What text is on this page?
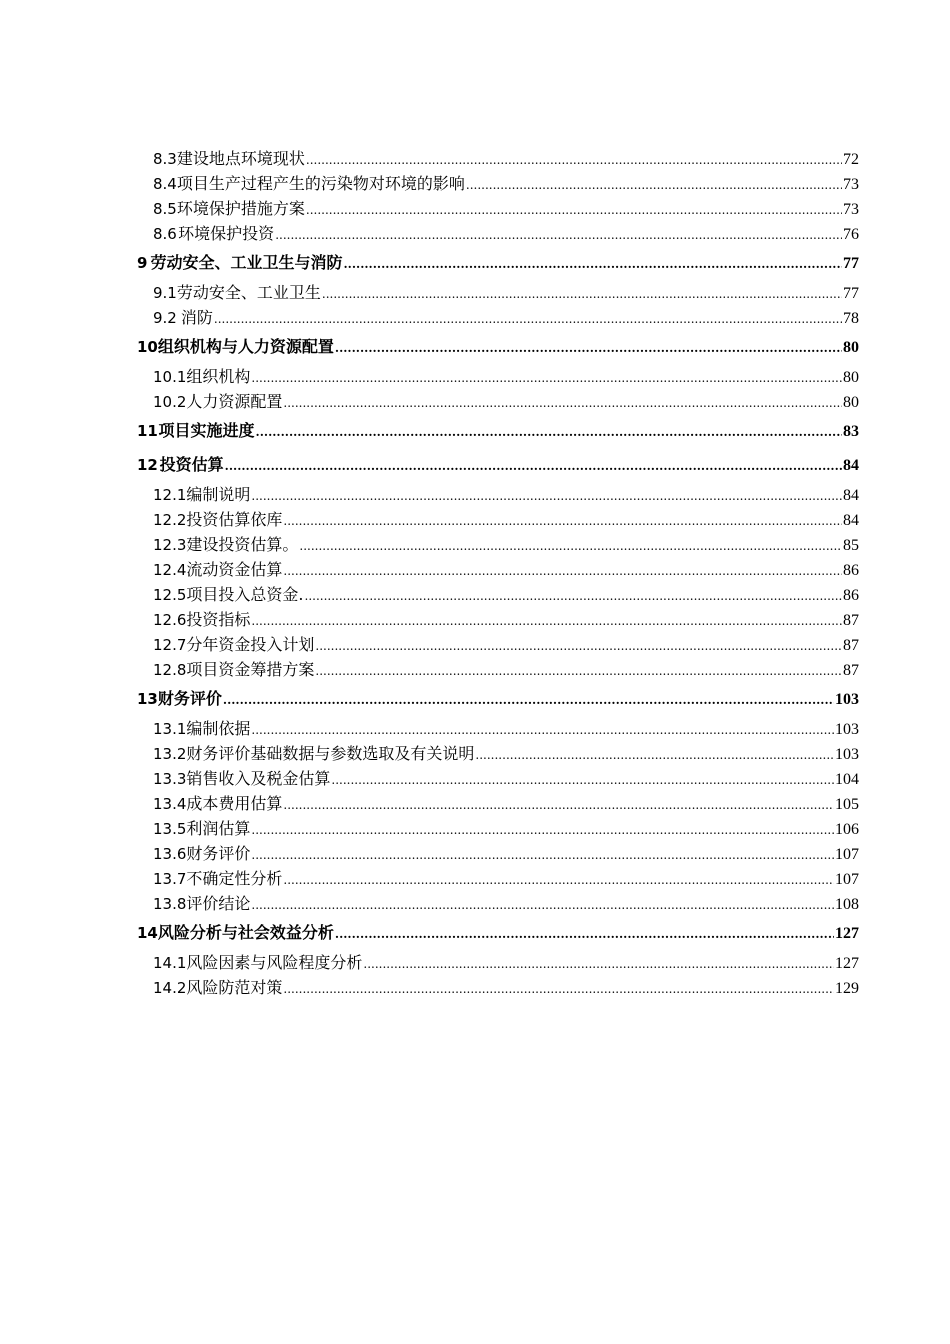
8.3 建设地点环境现状 .....	72
8.4 项目生产过程产生的污染物对环境的影响 .....	73
8.5 环境保护措施方案 .....	73
8.6 环境保护投资 .....	76
9 劳动安全、工业卫生与消防 .....	77
9.1 劳动安全、工业卫生 .....	77
9.2 消防 .....	78
10 组织机构与人力资源配置 .....	80
10.1 组织机构 .....	80
10.2 人力资源配置 .....	80
11 项目实施进度 .....	83
12 投资估算 .....	84
12.1 编制说明 .....	84
12.2 投资估算依库 .....	84
12.3 建设投资估算。 .....	85
12.4 流动资金估算 .....	86
12.5 项目投入总资金. .....	86
12.6 投资指标 .....	87
12.7 分年资金投入计划 .....	87
12.8 项目资金筹措方案 .....	87
13 财务评价 .....	103
13.1 编制依据 .....	103
13.2 财务评价基础数据与参数选取及有关说明 .....	103
13.3 销售收入及税金估算 .....	104
13.4 成本费用估算 .....	105
13.5 利润估算 .....	106
13.6 财务评价 .....	107
13.7 不确定性分析 .....	107
13.8 评价结论 .....	108
14 风险分析与社会效益分析 .....	127
14.1 风险因素与风险程度分析 .....	127
14.2 风险防范对策 .....	129
